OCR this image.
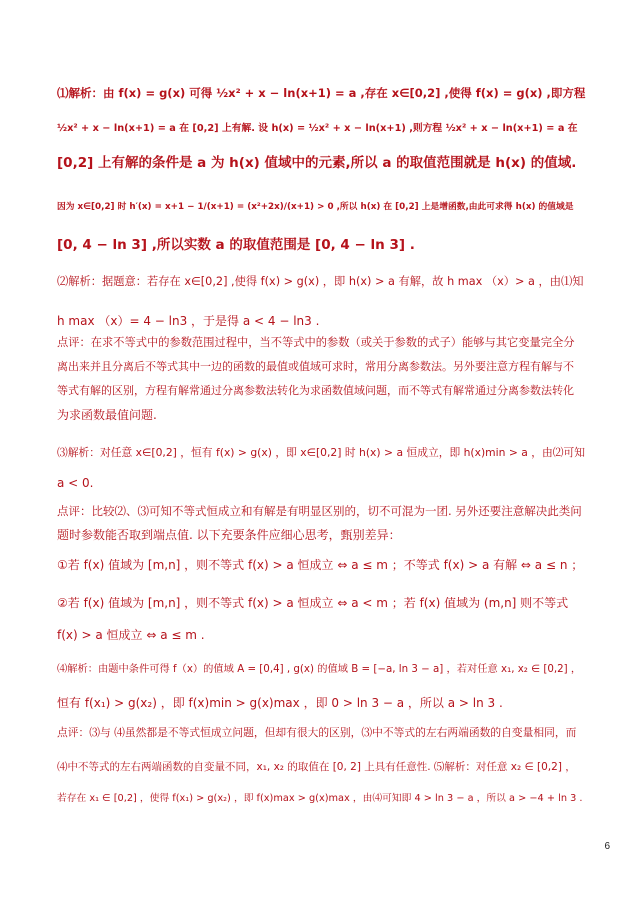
⑴解析：由 f(x) = g(x) 可得 ½x² + x − ln(x+1) = a ,存在 x∈[0,2] ,使得 f(x) = g(x) ,即方程
½x² + x − ln(x+1) = a 在 [0,2] 上有解. 设 h(x) = ½x² + x − ln(x+1) ,则方程 ½x² + x − ln(x+1) = a 在
[0,2] 上有解的条件是 a 为 h(x) 值域中的元素,所以 a 的取值范围就是 h(x) 的值域.
因为 x∈[0,2] 时 h′(x) = x+1 − 1/(x+1) = (x²+2x)/(x+1) > 0 ,所以 h(x) 在 [0,2] 上是增函数,由此可求得 h(x) 的值域是
[0, 4 − ln 3] ,所以实数 a 的取值范围是 [0, 4 − ln 3] .
⑵解析：据题意：若存在 x∈[0,2] ,使得 f(x) > g(x) ，即 h(x) > a 有解，故 h max （x）> a ，由⑴知
h max （x）= 4 − ln3 ，于是得 a < 4 − ln3 .
点评：在求不等式中的参数范围过程中，当不等式中的参数（或关于参数的式子）能够与其它变量完全分
离出来并且分离后不等式其中一边的函数的最值或值域可求时，常用分离参数法。另外要注意方程有解与不
等式有解的区别，方程有解常通过分离参数法转化为求函数值域问题，而不等式有解常通过分离参数法转化
为求函数最值问题.
⑶解析：对任意 x∈[0,2] ，恒有 f(x) > g(x) ，即 x∈[0,2] 时 h(x) > a 恒成立，即 h(x)min > a ，由⑵可知
a < 0.
点评：比较⑵、⑶可知不等式恒成立和有解是有明显区别的，切不可混为一团. 另外还要注意解决此类问
题时参数能否取到端点值. 以下充要条件应细心思考，甄别差异：
①若 f(x) 值域为 [m,n] ，则不等式 f(x) > a 恒成立 ⇔ a ≤ m ；不等式 f(x) > a 有解 ⇔ a ≤ n ；
②若 f(x) 值域为 [m,n] ，则不等式 f(x) > a 恒成立 ⇔ a < m ；若 f(x) 值域为 (m,n] 则不等式
f(x) > a 恒成立 ⇔ a ≤ m .
⑷解析：由题中条件可得 f（x）的值域 A = [0,4] , g(x) 的值域 B = [−a, ln 3 − a] ，若对任意 x₁, x₂ ∈ [0,2] ，
恒有 f(x₁) > g(x₂) ，即 f(x)min > g(x)max ，即 0 > ln 3 − a ，所以 a > ln 3 .
点评：⑶与 ⑷虽然都是不等式恒成立问题，但却有很大的区别，⑶中不等式的左右两端函数的自变量相同，而
⑷中不等式的左右两端函数的自变量不同，x₁, x₂ 的取值在 [0, 2] 上具有任意性. ⑸解析：对任意 x₂ ∈ [0,2] ，
若存在 x₁ ∈ [0,2] ，使得 f(x₁) > g(x₂) ，即 f(x)max > g(x)max ，由⑷可知即 4 > ln 3 − a ，所以 a > −4 + ln 3 .
6
